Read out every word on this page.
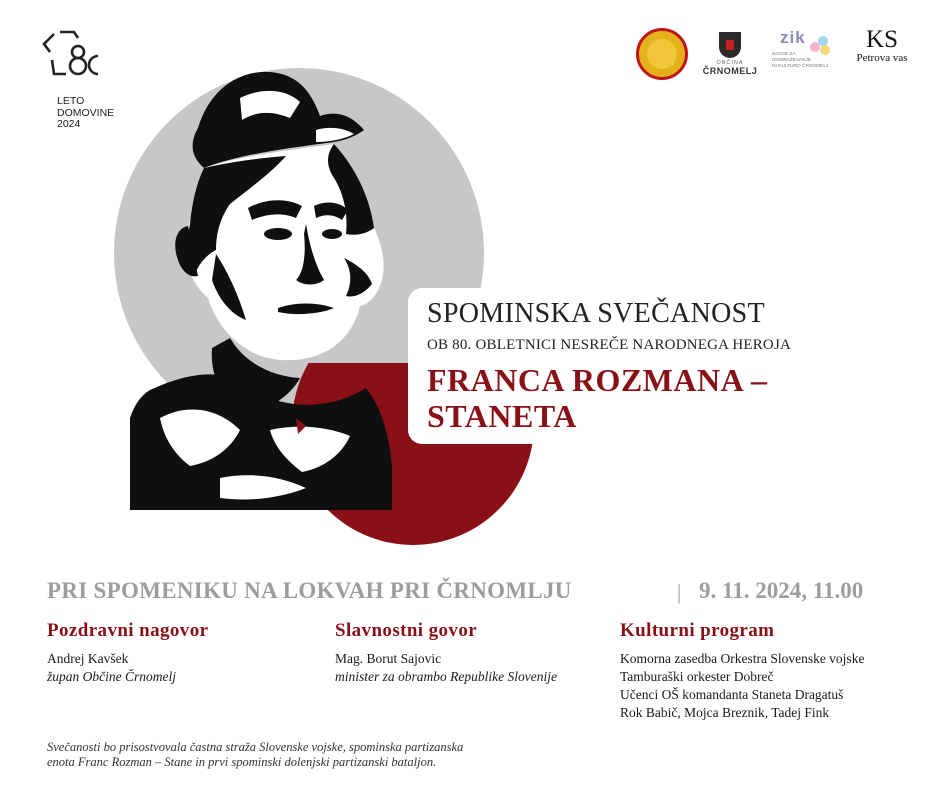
LETO
DOMOVINE
2024
OBČINA
ČRNOMELJ
zik
ZAVOD ZA IZOBRAŽEVANJE
IN KULTURO ČRNOMELJ
KS
Petrova vas
SPOMINSKA SVEČANOST
OB 80. OBLETNICI NESREČE NARODNEGA HEROJA
FRANCA ROZMANA –
STANETA
PRI SPOMENIKU NA LOKVAH PRI ČRNOMLJU	| 9. 11. 2024, 11.00
Pozdravni nagovor
Andrej Kavšek
župan Občine Črnomelj
Slavnostni govor
Mag. Borut Sajovic
minister za obrambo Republike Slovenije
Kulturni program
Komorna zasedba Orkestra Slovenske vojske
Tamburaški orkester Dobreč
Učenci OŠ komandanta Staneta Dragatuš
Rok Babič, Mojca Breznik, Tadej Fink
Svečanosti bo prisostvovala častna straža Slovenske vojske, spominska partizanska
enota Franc Rozman – Stane in prvi spominski dolenjski partizanski bataljon.
